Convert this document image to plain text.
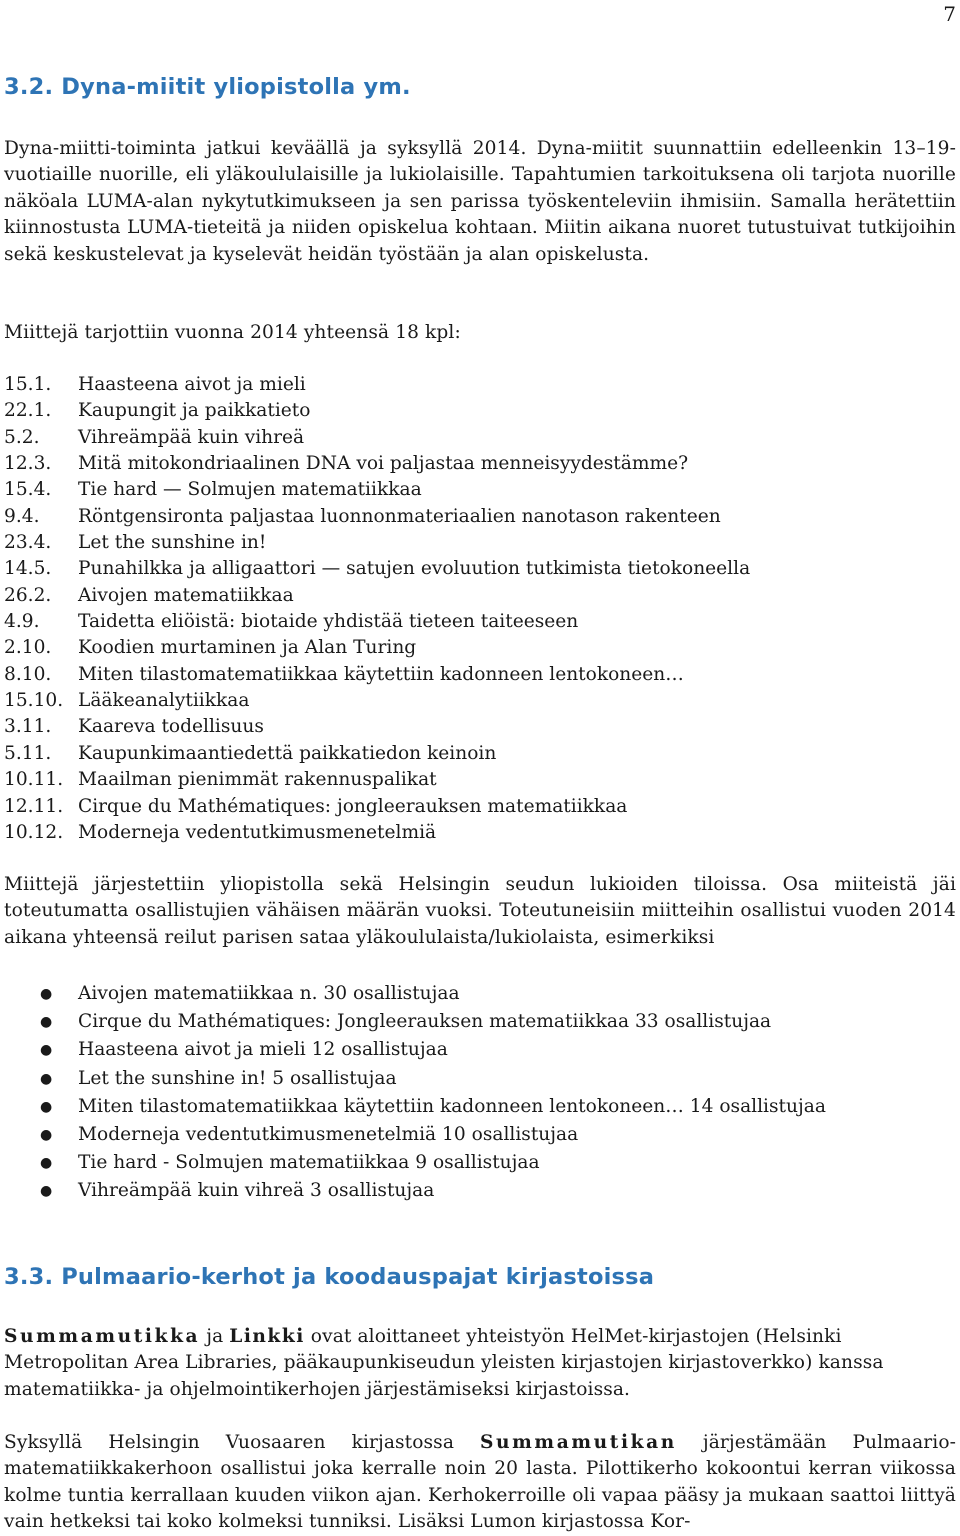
7
3.2. Dyna-miitit yliopistolla ym.

Dyna-miitti-toiminta jatkui keväällä ja syksyllä 2014. Dyna-miitit suunnattiin edelleenkin 13–19-vuotiaille nuorille, eli yläkoululaisille ja lukiolaisille. Tapahtumien tarkoituksena oli tarjota nuorille näköala LUMA-alan nykytutkimukseen ja sen parissa työskenteleviin ihmisiin. Samalla herätettiin kiinnostusta LUMA-tieteitä ja niiden opiskelua kohtaan. Miitin aikana nuoret tutustuivat tutkijoihin sekä keskustelevat ja kyselevät heidän työstään ja alan opiskelusta.

Miittejä tarjottiin vuonna 2014 yhteensä 18 kpl:

15.1.	Haasteena aivot ja mieli
22.1.	Kaupungit ja paikkatieto
5.2.	Vihreämpää kuin vihreä
12.3.	Mitä mitokondriaalinen DNA voi paljastaa menneisyydestämme?
15.4.	Tie hard — Solmujen matematiikkaa
9.4.	Röntgensironta paljastaa luonnonmateriaalien nanotason rakenteen
23.4.	Let the sunshine in!
14.5.	Punahilkka ja alligaattori — satujen evoluution tutkimista tietokoneella
26.2.	Aivojen matematiikkaa
4.9.	Taidetta eliöistä: biotaide yhdistää tieteen taiteeseen
2.10.	Koodien murtaminen ja Alan Turing
8.10.	Miten tilastomatematiikkaa käytettiin kadonneen lentokoneen…
15.10. Lääkeanalytiikkaa
3.11.	Kaareva todellisuus
5.11.	Kaupunkimaantiedettä paikkatiedon keinoin
10.11. Maailman pienimmät rakennuspalikat
12.11. Cirque du Mathématiques: jongleerauksen matematiikkaa
10.12. Moderneja vedentutkimusmenetelmiä

Miittejä järjestettiin yliopistolla sekä Helsingin seudun lukioiden tiloissa. Osa miiteistä jäi toteutumatta osallistujien vähäisen määrän vuoksi. Toteutuneisiin miitteihin osallistui vuoden 2014 aikana yhteensä reilut parisen sataa yläkoululaista/lukiolaista, esimerkiksi

●	Aivojen matematiikkaa n. 30 osallistujaa
●	Cirque du Mathématiques: Jongleerauksen matematiikkaa 33 osallistujaa
●	Haasteena aivot ja mieli 12 osallistujaa
●	Let the sunshine in! 5 osallistujaa
●	Miten tilastomatematiikkaa käytettiin kadonneen lentokoneen… 14 osallistujaa
●	Moderneja vedentutkimusmenetelmiä 10 osallistujaa
●	Tie hard - Solmujen matematiikkaa 9 osallistujaa
●	Vihreämpää kuin vihreä 3 osallistujaa
3.3. Pulmaario-kerhot ja koodauspajat kirjastoissa

Summamutikka ja Linkki ovat aloittaneet yhteistyön HelMet-kirjastojen (Helsinki Metropolitan Area Libraries, pääkaupunkiseudun yleisten kirjastojen kirjastoverkko) kanssa matematiikka- ja ohjelmointikerhojen järjestämiseksi kirjastoissa.

Syksyllä Helsingin Vuosaaren kirjastossa Summamutikan järjestämään Pulmaario-matematiikkakerhoon osallistui joka kerralle noin 20 lasta. Pilottikerho kokoontui kerran viikossa kolme tuntia kerrallaan kuuden viikon ajan. Kerhokerroille oli vapaa pääsy ja mukaan saattoi liittyä vain hetkeksi tai koko kolmeksi tunniksi. Lisäksi Lumon kirjastossa Kor-
